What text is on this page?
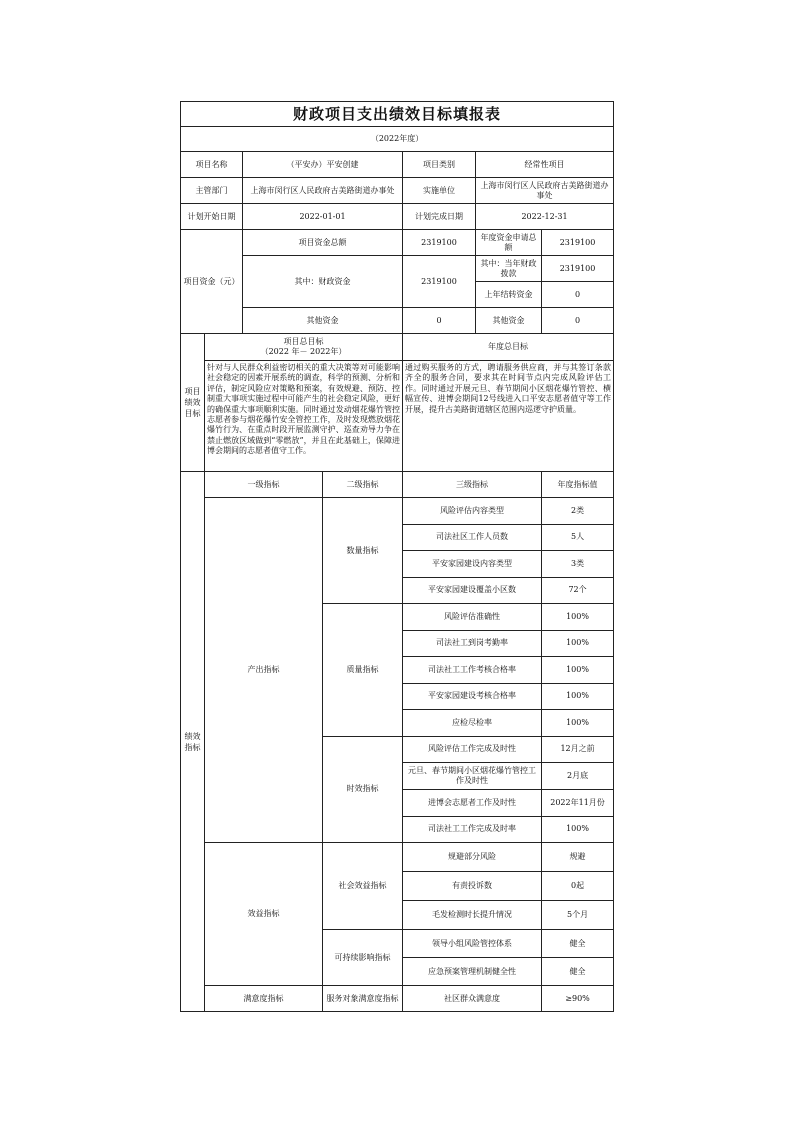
财政项目支出绩效目标填报表						
（2022年度）						
项目名称		（平安办）平安创建		项目类别	经常性项目	
主管部门		上海市闵行区人民政府古美路街道办事处		实施单位	上海市闵行区人民政府古美路街道办事处	
计划开始日期		2022-01-01		计划完成日期	2022-12-31	
项目资金（元）		项目资金总额		2319100	年度资金申请总额	2319100
		其中：财政资金		2319100	其中：当年财政拨款	2319100
					上年结转资金	0
		其他资金		0	其他资金	0
项目绩效目标	项目总目标
（2022 年－ 2022年）			年度总目标		
	针对与人民群众利益密切相关的重大决策等对可能影响社会稳定的因素开展系统的调查，科学的预测、分析和评估，制定风险应对策略和预案，有效规避、预防、控制重大事项实施过程中可能产生的社会稳定风险，更好的确保重大事项顺利实施。同时通过发动烟花爆竹管控志愿者参与烟花爆竹安全管控工作，及时发现燃放烟花爆竹行为、在重点时段开展监测守护、巡查劝导力争在禁止燃放区域做到“零燃放”，并且在此基础上，保障进博会期间的志愿者值守工作。			通过购买服务的方式，聘请服务供应商，并与其签订条款齐全的服务合同，要求其在时间节点内完成风险评估工作。同时通过开展元旦、春节期间小区烟花爆竹管控、横幅宣传、进博会期间12号线进入口平安志愿者值守等工作开展，提升古美路街道辖区范围内巡逻守护质量。		
绩效指标	一级指标		二级指标	三级指标		年度指标值
	产出指标		数量指标	风险评估内容类型		2类
				司法社区工作人员数		5人
				平安家园建设内容类型		3类
				平安家园建设覆盖小区数		72个
			质量指标	风险评估准确性		100%
				司法社工到岗考勤率		100%
				司法社工工作考核合格率		100%
				平安家园建设考核合格率		100%
				应检尽检率		100%
			时效指标	风险评估工作完成及时性		12月之前
				元旦、春节期间小区烟花爆竹管控工作及时性		2月底
				进博会志愿者工作及时性		2022年11月份
				司法社工工作完成及时率		100%
	效益指标		社会效益指标	规避部分风险		规避
				有责投诉数		0起
				毛发检测时长提升情况		5个月
			可持续影响指标	领导小组风险管控体系		健全
				应急预案管理机制健全性		健全
	满意度指标		服务对象满意度指标	社区群众满意度		≥90%
